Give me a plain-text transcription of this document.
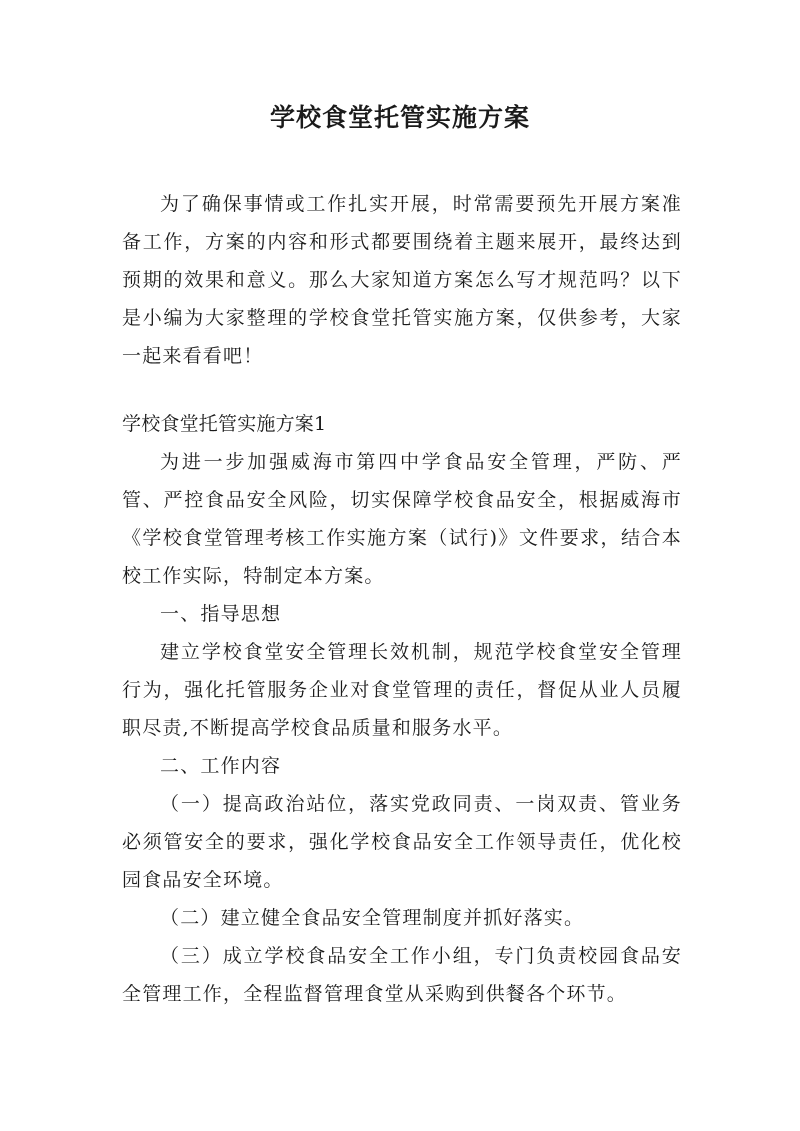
学校食堂托管实施方案

为了确保事情或工作扎实开展，时常需要预先开展方案准备工作，方案的内容和形式都要围绕着主题来展开，最终达到预期的效果和意义。那么大家知道方案怎么写才规范吗？以下是小编为大家整理的学校食堂托管实施方案，仅供参考，大家一起来看看吧！

学校食堂托管实施方案1

为进一步加强威海市第四中学食品安全管理，严防、严管、严控食品安全风险，切实保障学校食品安全，根据威海市《学校食堂管理考核工作实施方案（试行)》文件要求，结合本校工作实际，特制定本方案。

一、指导思想

建立学校食堂安全管理长效机制，规范学校食堂安全管理行为，强化托管服务企业对食堂管理的责任，督促从业人员履职尽责,不断提高学校食品质量和服务水平。

二、工作内容

（一）提高政治站位，落实党政同责、一岗双责、管业务必须管安全的要求，强化学校食品安全工作领导责任，优化校园食品安全环境。

（二）建立健全食品安全管理制度并抓好落实。

（三）成立学校食品安全工作小组，专门负责校园食品安全管理工作，全程监督管理食堂从采购到供餐各个环节。
